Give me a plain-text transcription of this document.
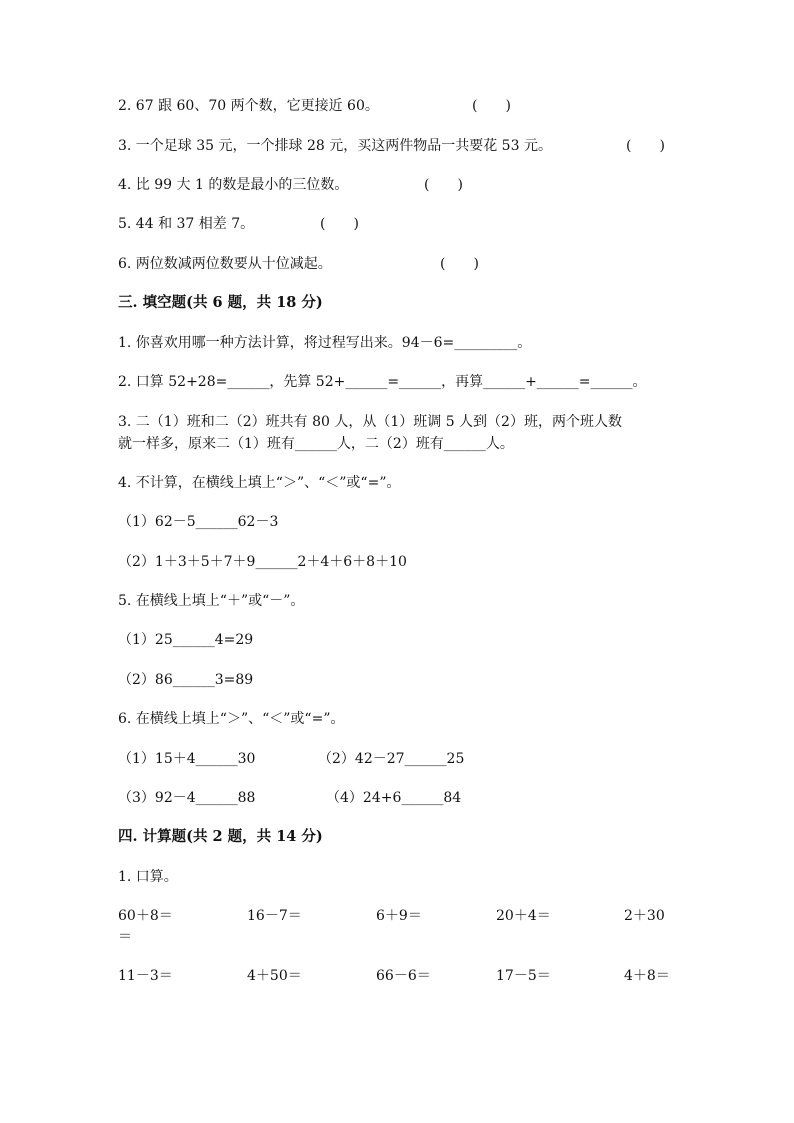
2. 67 跟 60、70 两个数，它更接近 60。	(　　)
3. 一个足球 35 元，一个排球 28 元，买这两件物品一共要花 53 元。	(　　)
4. 比 99 大 1 的数是最小的三位数。	(　　)
5. 44 和 37 相差 7。	(　　)
6. 两位数减两位数要从十位减起。	(　　)
三. 填空题(共 6 题，共 18 分)
1. 你喜欢用哪一种方法计算，将过程写出来。94－6=_________。
2. 口算 52+28=______，先算 52+______=______，再算______+______=______。
3. 二（1）班和二（2）班共有 80 人，从（1）班调 5 人到（2）班，两个班人数
就一样多，原来二（1）班有______人，二（2）班有______人。
4. 不计算，在横线上填上“＞”、“＜”或“=”。
（1）62－5______62－3
（2）1＋3＋5＋7＋9______2＋4＋6＋8＋10
5. 在横线上填上“＋”或“－”。
（1）25______4=29
（2）86______3=89
6. 在横线上填上“＞”、“＜”或“=”。
（1）15＋4______30	（2）42－27______25
（3）92－4______88	（4）24+6______84
四. 计算题(共 2 题，共 14 分)
1. 口算。
60＋8＝	16－7＝	6＋9＝	20＋4＝	2＋30
＝
11－3＝	4＋50＝	66－6＝	17－5＝	4＋8＝
